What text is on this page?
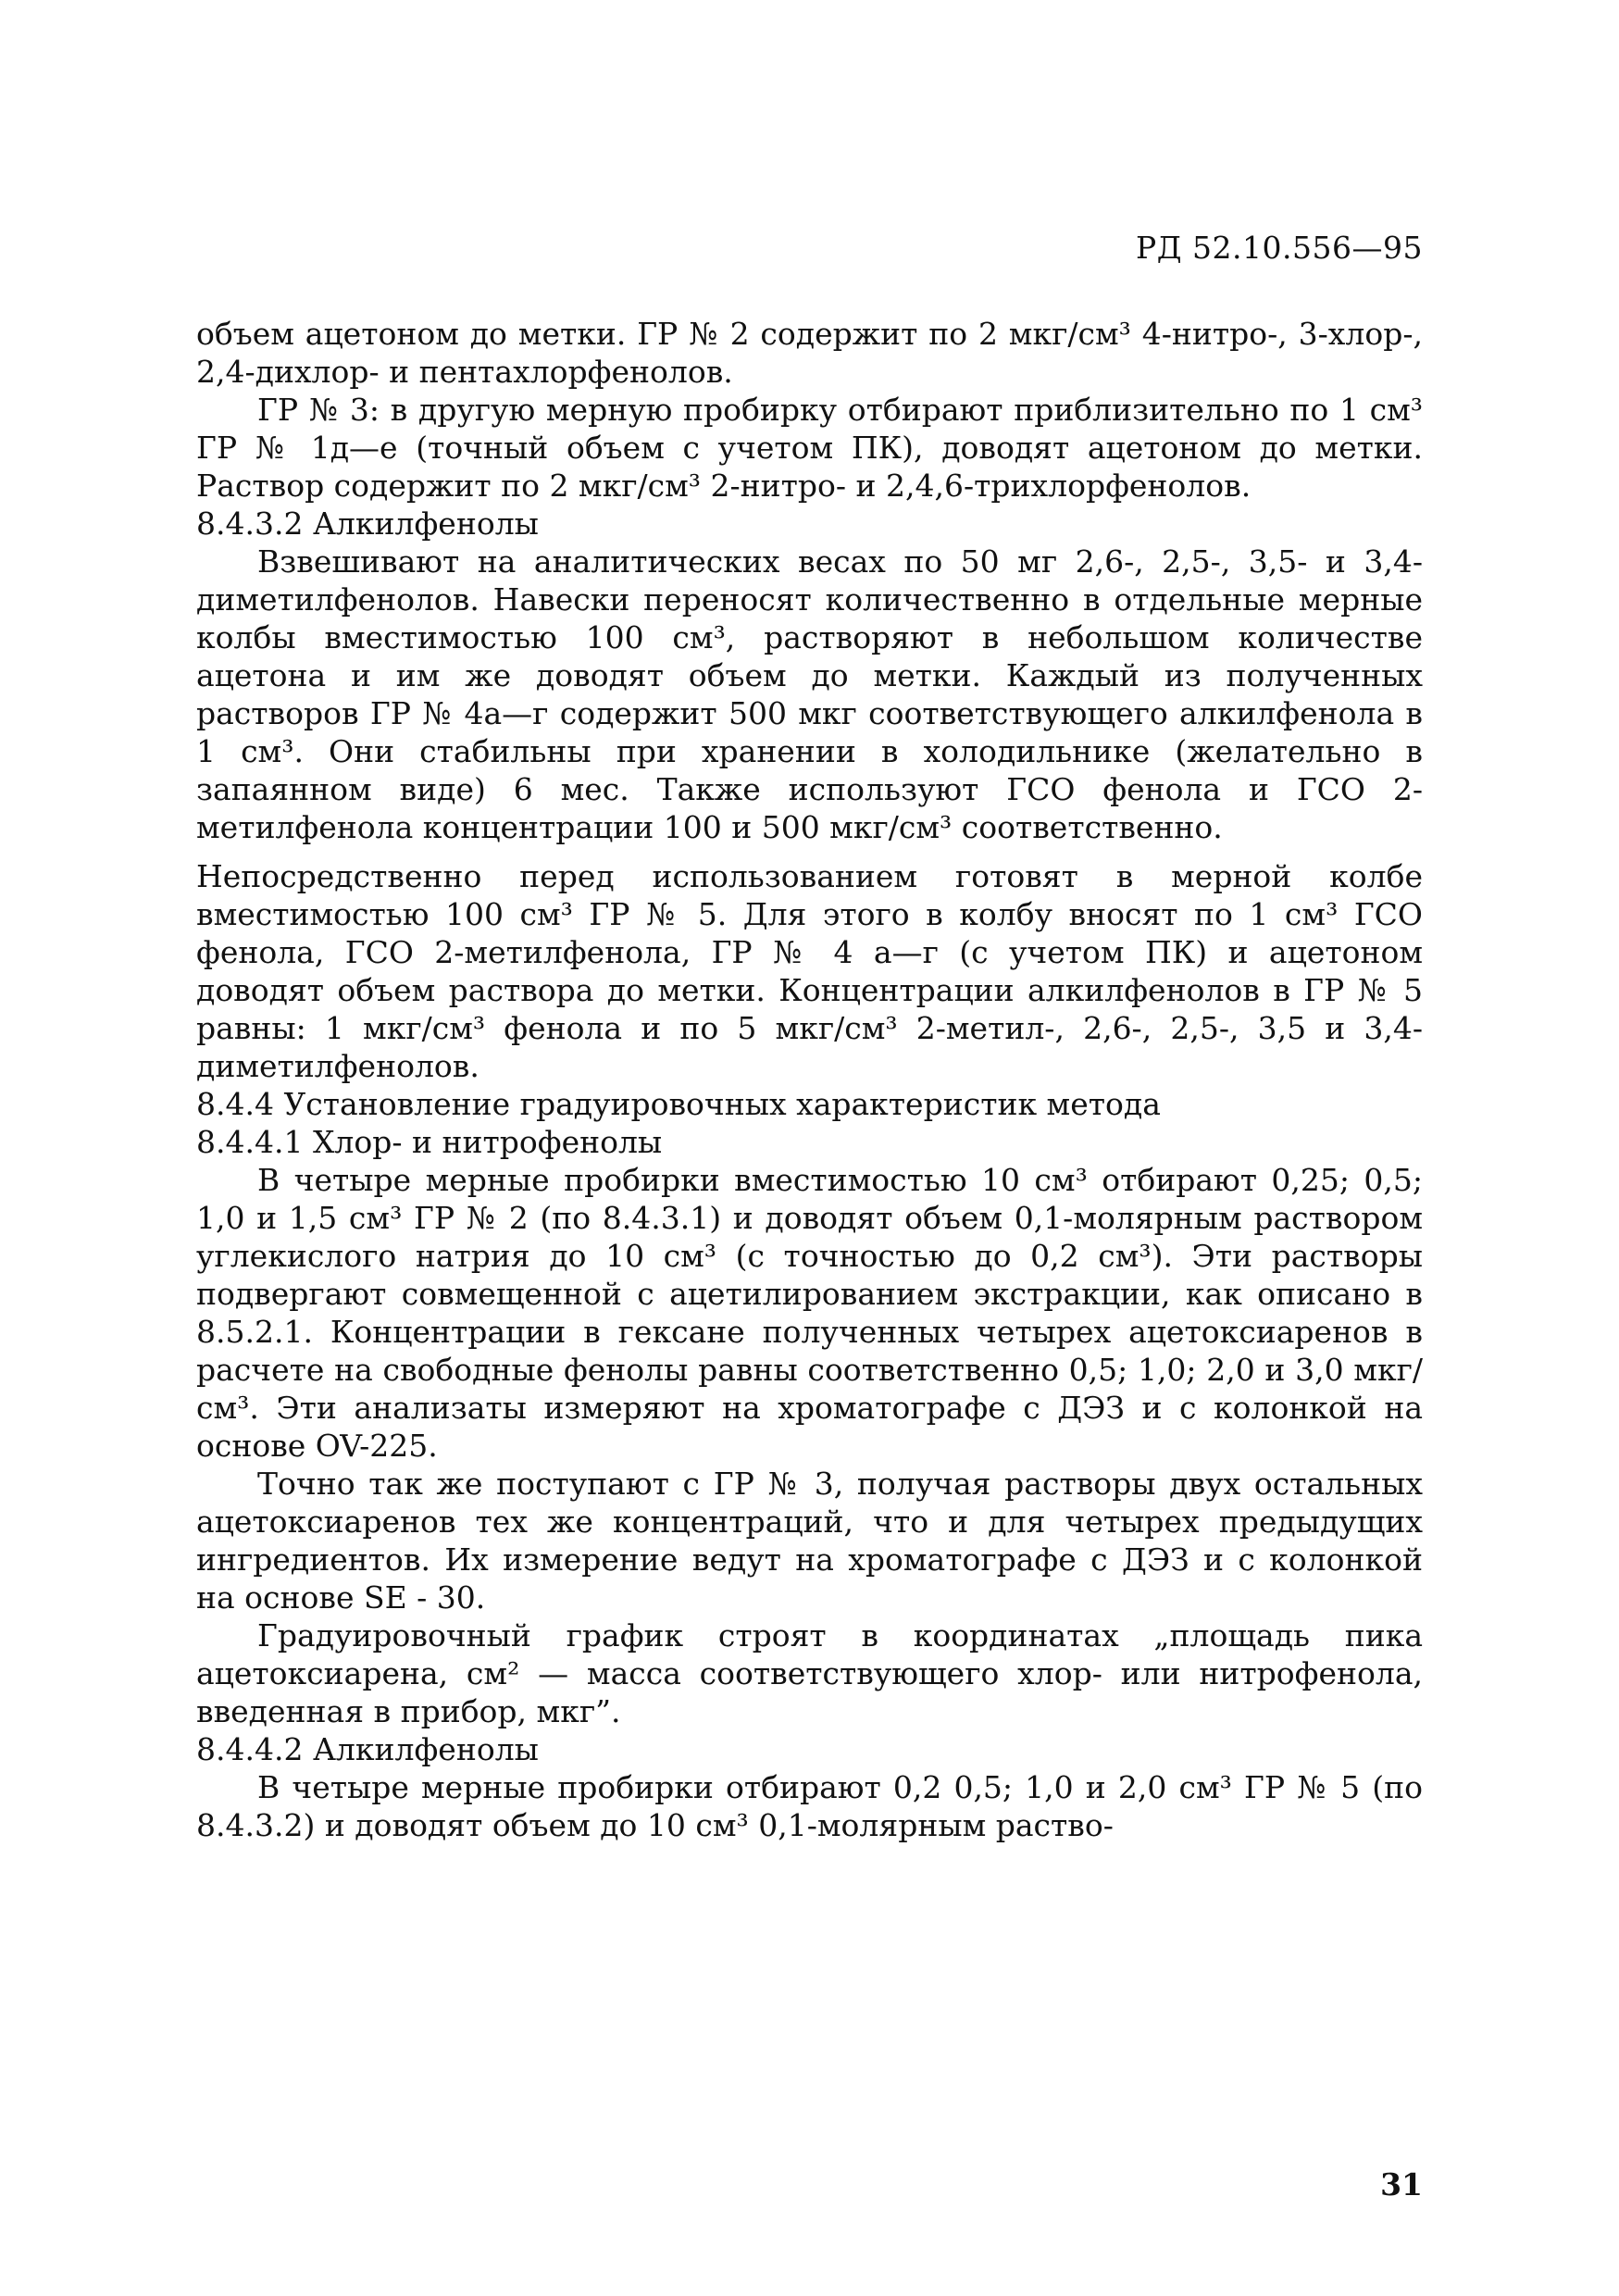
РД 52.10.556—95

объем ацетоном до метки. ГР № 2 содержит по 2 мкг/см³ 4-нитро-, 3-хлор-, 2,4-дихлор- и пентахлорфенолов.

ГР № 3: в другую мерную пробирку отбирают приблизительно по 1 см³ ГР № 1д—е (точный объем с учетом ПК), доводят ацетоном до метки. Раствор содержит по 2 мкг/см³ 2-нитро- и 2,4,6-трихлорфенолов.

8.4.3.2 Алкилфенолы

Взвешивают на аналитических весах по 50 мг 2,6-, 2,5-, 3,5- и 3,4- диметилфенолов. Навески переносят количественно в отдельные мерные колбы вместимостью 100 см³, растворяют в небольшом количестве ацетона и им же доводят объем до метки. Каждый из полученных растворов ГР № 4а—г содержит 500 мкг соответствующего алкилфенола в 1 см³. Они стабильны при хранении в холодильнике (желательно в запаянном виде) 6 мес. Также используют ГСО фенола и ГСО 2-метилфенола концентрации 100 и 500 мкг/см³ соответственно.

Непосредственно перед использованием готовят в мерной колбе вместимостью 100 см³ ГР № 5. Для этого в колбу вносят по 1 см³ ГСО фенола, ГСО 2-метилфенола, ГР № 4 а—г (с учетом ПК) и ацетоном доводят объем раствора до метки. Концентрации алкилфенолов в ГР № 5 равны: 1 мкг/см³ фенола и по 5 мкг/см³ 2-метил-, 2,6-, 2,5-, 3,5 и 3,4-диметилфенолов.

8.4.4 Установление градуировочных характеристик метода

8.4.4.1 Хлор- и нитрофенолы

В четыре мерные пробирки вместимостью 10 см³ отбирают 0,25; 0,5; 1,0 и 1,5 см³ ГР № 2 (по 8.4.3.1) и доводят объем 0,1-молярным раствором углекислого натрия до 10 см³ (с точностью до 0,2 см³). Эти растворы подвергают совмещенной с ацетилированием экстракции, как описано в 8.5.2.1. Концентрации в гексане полученных четырех ацетоксиаренов в расчете на свободные фенолы равны соответственно 0,5; 1,0; 2,0 и 3,0 мкг/см³. Эти анализаты измеряют на хроматографе с ДЭЗ и с колонкой на основе OV-225.

Точно так же поступают с ГР № 3, получая растворы двух остальных ацетоксиаренов тех же концентраций, что и для четырех предыдущих ингредиентов. Их измерение ведут на хроматографе с ДЭЗ и с колонкой на основе SE - 30.

Градуировочный график строят в координатах „площадь пика ацетоксиарена, см² — масса соответствующего хлор- или нитрофенола, введенная в прибор, мкг”.

8.4.4.2 Алкилфенолы

В четыре мерные пробирки отбирают 0,2 0,5; 1,0 и 2,0 см³ ГР № 5 (по 8.4.3.2) и доводят объем до 10 см³ 0,1-молярным раство-

31
